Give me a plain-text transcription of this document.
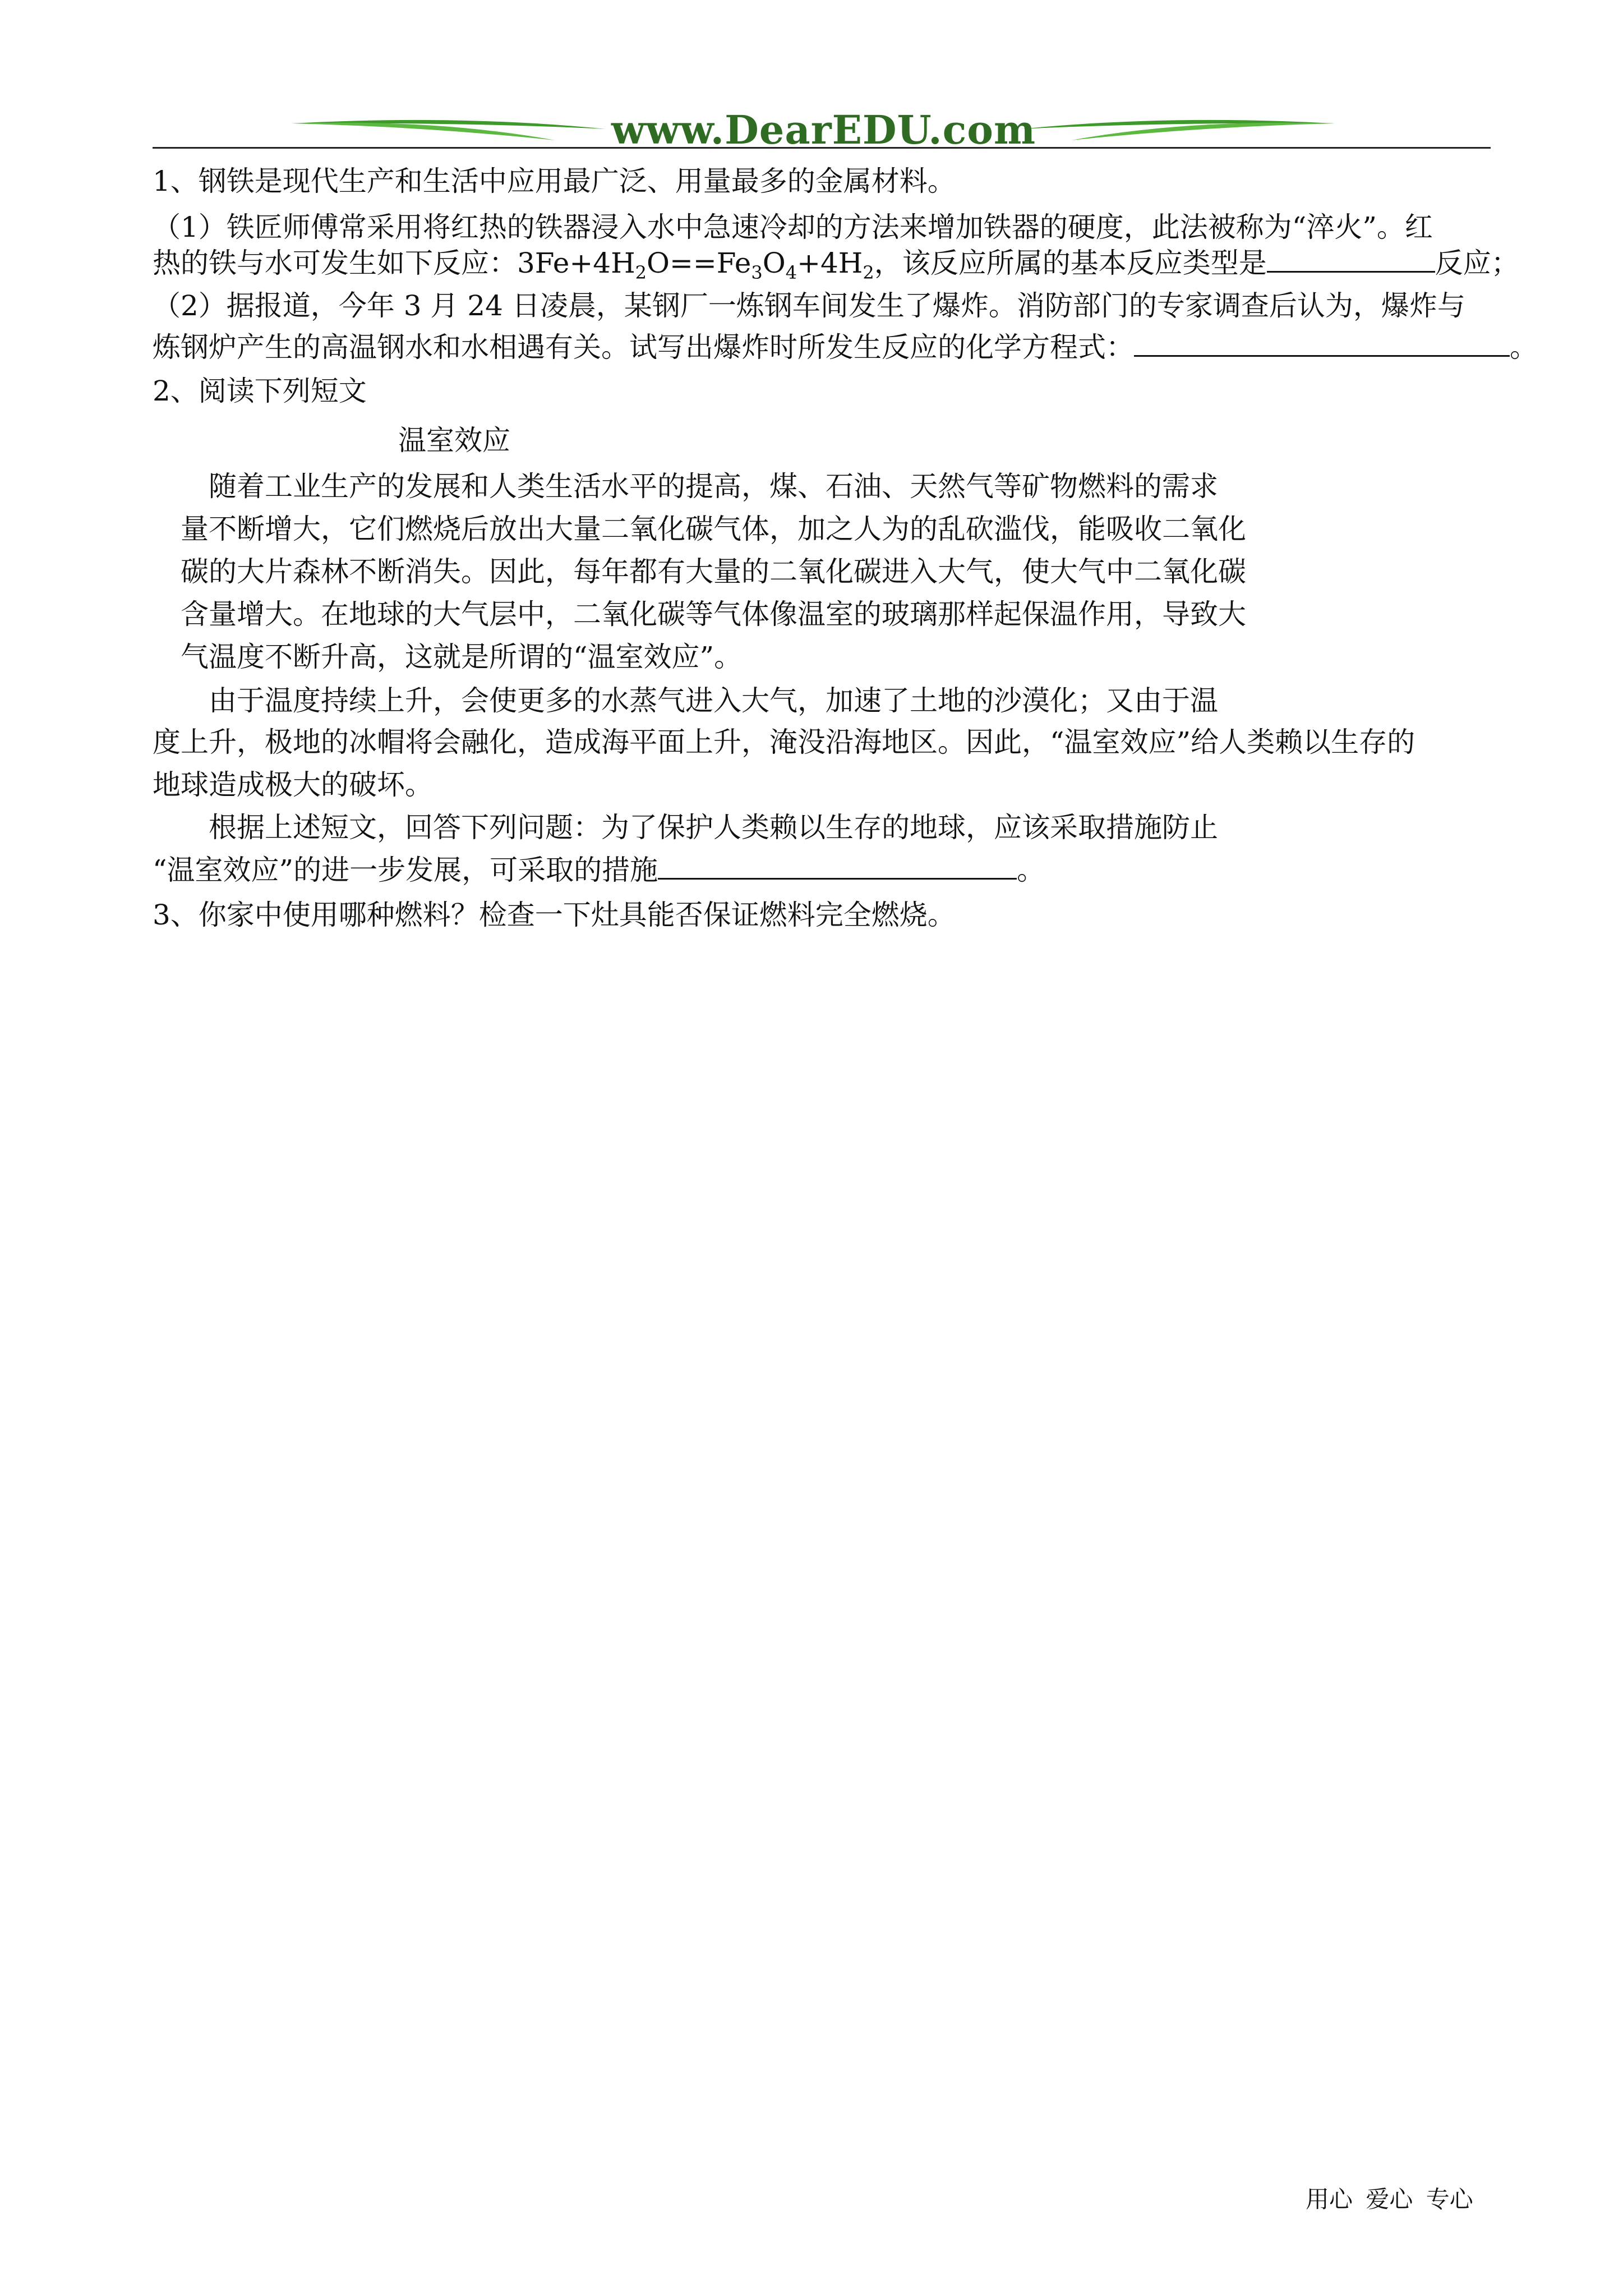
www.DearEDU.com
1、钢铁是现代生产和生活中应用最广泛、用量最多的金属材料。
（1）铁匠师傅常采用将红热的铁器浸入水中急速冷却的方法来增加铁器的硬度，此法被称为“淬火”。红
热的铁与水可发生如下反应：$3Fe+4H_2O==Fe_3O_4+4H_2$，该反应所属的基本反应类型是	反应；
（2）据报道，今年 3 月 24 日凌晨，某钢厂一炼钢车间发生了爆炸。消防部门的专家调查后认为，爆炸与
炼钢炉产生的高温钢水和水相遇有关。试写出爆炸时所发生反应的化学方程式：	。
2、阅读下列短文
温室效应
随着工业生产的发展和人类生活水平的提高，煤、石油、天然气等矿物燃料的需求
量不断增大，它们燃烧后放出大量二氧化碳气体，加之人为的乱砍滥伐，能吸收二氧化
碳的大片森林不断消失。因此，每年都有大量的二氧化碳进入大气，使大气中二氧化碳
含量增大。在地球的大气层中，二氧化碳等气体像温室的玻璃那样起保温作用，导致大
气温度不断升高，这就是所谓的“温室效应”。
由于温度持续上升，会使更多的水蒸气进入大气，加速了土地的沙漠化；又由于温
度上升，极地的冰帽将会融化，造成海平面上升，淹没沿海地区。因此，“温室效应”给人类赖以生存的
地球造成极大的破坏。
根据上述短文，回答下列问题：为了保护人类赖以生存的地球，应该采取措施防止
“温室效应”的进一步发展，可采取的措施	。
3、你家中使用哪种燃料？检查一下灶具能否保证燃料完全燃烧。
用心 爱心 专心
